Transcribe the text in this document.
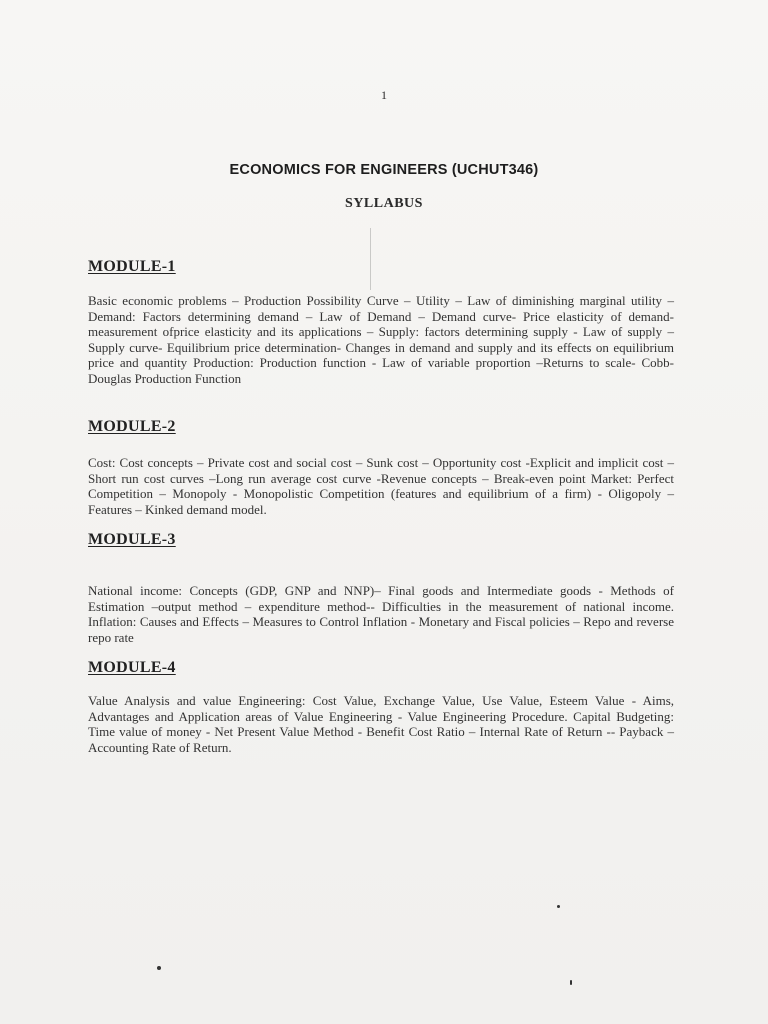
1
ECONOMICS FOR ENGINEERS (UCHUT346)
SYLLABUS
MODULE-1
Basic economic problems – Production Possibility Curve – Utility – Law of diminishing marginal utility –Demand: Factors determining demand – Law of Demand – Demand curve- Price elasticity of demand- measurement ofprice elasticity and its applications – Supply: factors determining supply - Law of supply – Supply curve- Equilibrium price determination- Changes in demand and supply and its effects on equilibrium price and quantity Production: Production function - Law of variable proportion –Returns to scale- Cobb-Douglas Production Function
MODULE-2
Cost: Cost concepts – Private cost and social cost – Sunk cost – Opportunity cost -Explicit and implicit cost –Short run cost curves –Long run average cost curve -Revenue concepts – Break-even point Market: Perfect Competition – Monopoly - Monopolistic Competition (features and equilibrium of a firm) - Oligopoly – Features – Kinked demand model.
MODULE-3
National income: Concepts (GDP, GNP and NNP)– Final goods and Intermediate goods - Methods of Estimation –output method – expenditure method-- Difficulties in the measurement of national income. Inflation: Causes and Effects – Measures to Control Inflation - Monetary and Fiscal policies – Repo and reverse repo rate
MODULE-4
Value Analysis and value Engineering: Cost Value, Exchange Value, Use Value, Esteem Value - Aims, Advantages and Application areas of Value Engineering - Value Engineering Procedure. Capital Budgeting: Time value of money - Net Present Value Method - Benefit Cost Ratio – Internal Rate of Return -- Payback – Accounting Rate of Return.
